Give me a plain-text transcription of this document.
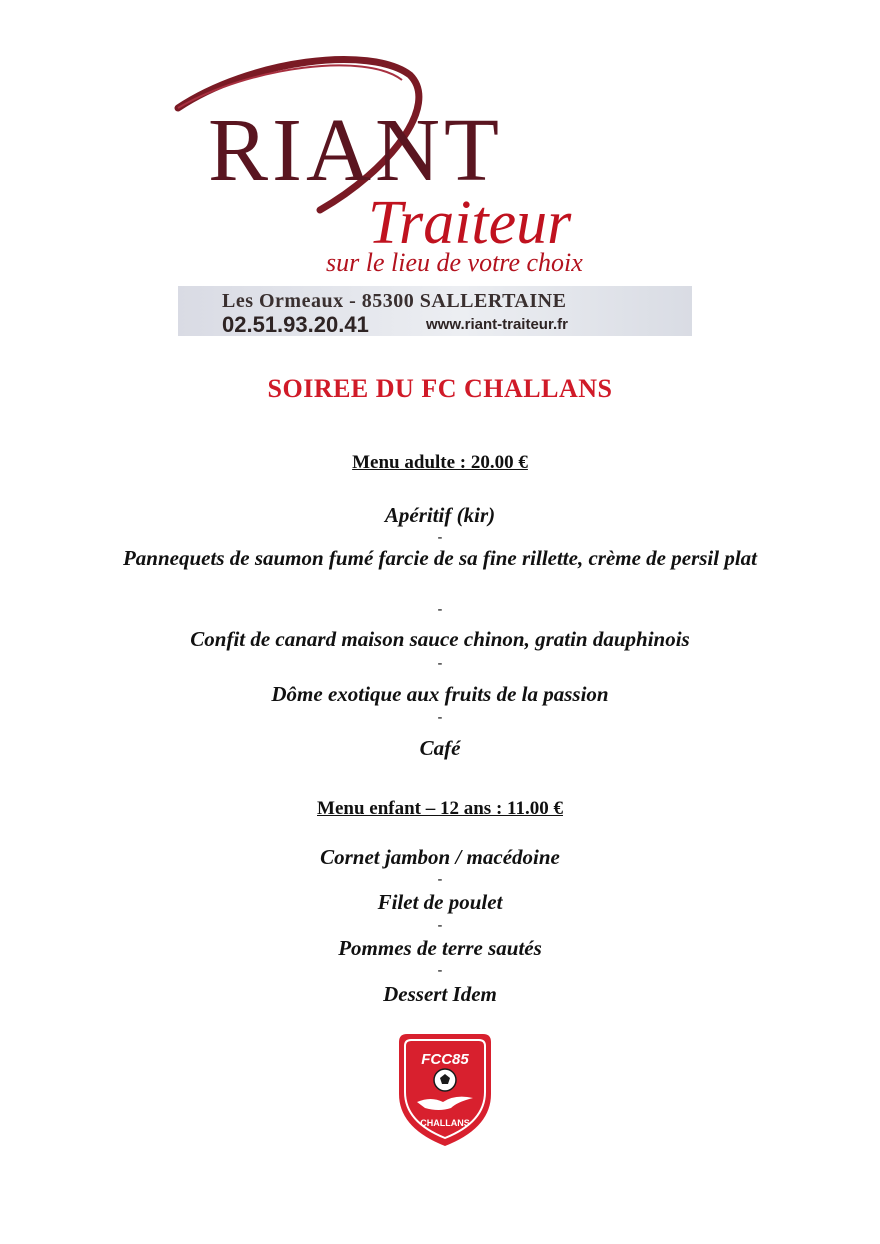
RIANT
Traiteur
sur le lieu de votre choix
Les Ormeaux - 85300 SALLERTAINE
02.51.93.20.41	www.riant-traiteur.fr
SOIREE DU FC CHALLANS
Menu adulte : 20.00 €
Apéritif (kir)
-
Pannequets de saumon fumé farcie de sa fine rillette, crème de persil plat
-
Confit de canard maison sauce chinon, gratin dauphinois
-
Dôme exotique aux fruits de la passion
-
Café
Menu enfant – 12 ans : 11.00 €
Cornet jambon / macédoine
-
Filet de poulet
-
Pommes de terre sautés
-
Dessert Idem
FCC85
CHALLANS
